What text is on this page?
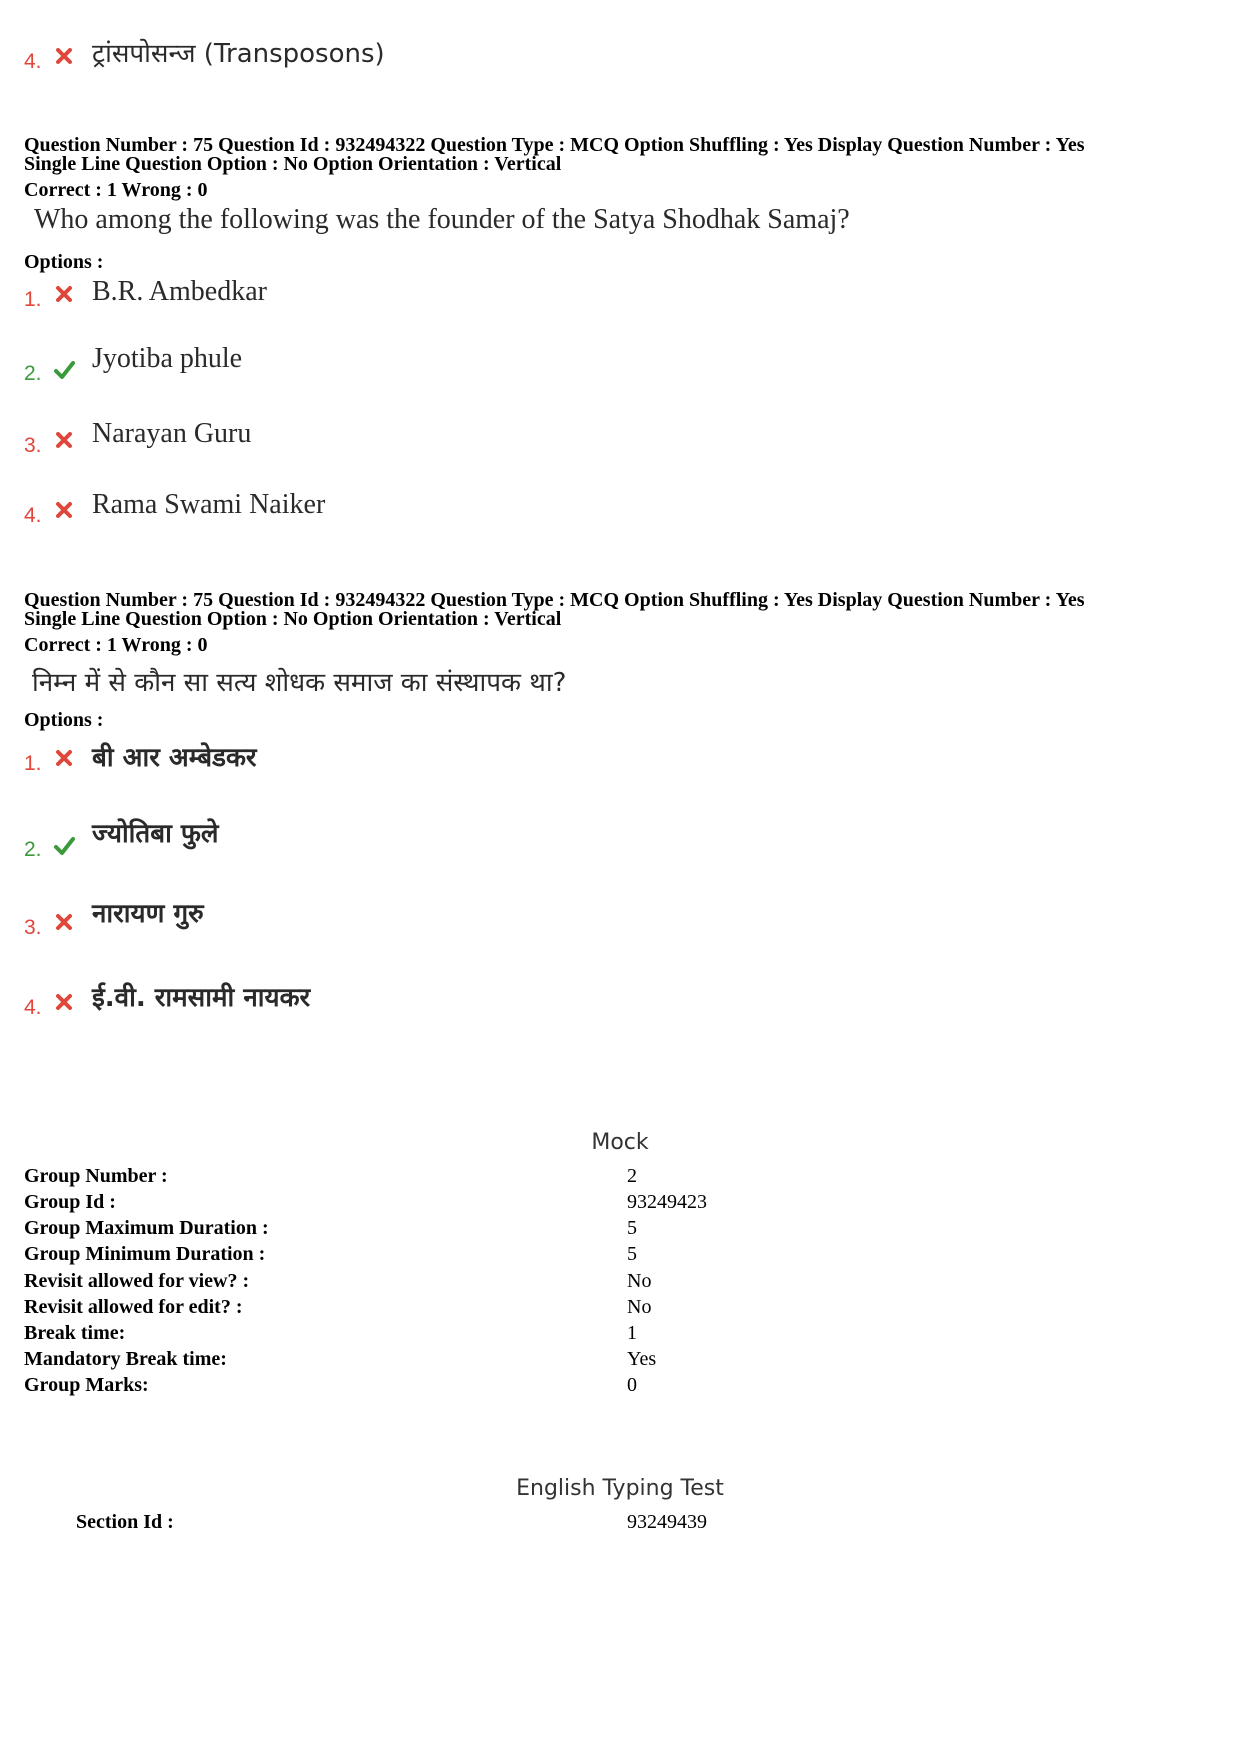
4. ट्रांसपोसन्ज (Transposons)
Question Number : 75 Question Id : 932494322 Question Type : MCQ Option Shuffling : Yes Display Question Number : Yes
Single Line Question Option : No Option Orientation : Vertical
Correct : 1 Wrong : 0
Who among the following was the founder of the Satya Shodhak Samaj?
Options :
1. B.R. Ambedkar
2. Jyotiba phule
3. Narayan Guru
4. Rama Swami Naiker
Question Number : 75 Question Id : 932494322 Question Type : MCQ Option Shuffling : Yes Display Question Number : Yes
Single Line Question Option : No Option Orientation : Vertical
Correct : 1 Wrong : 0
निम्न में से कौन सा सत्य शोधक समाज का संस्थापक था?
Options :
1. बी आर अम्बेडकर
2.
ज्योतिबा फुले
3. नारायण गुरु
4. ई.वी. रामसामी नायकर
Mock
Group Number :	2
Group Id :	93249423
Group Maximum Duration :	5
Group Minimum Duration :	5
Revisit allowed for view? :	No
Revisit allowed for edit? :	No
Break time:	1
Mandatory Break time:	Yes
Group Marks:	0
English Typing Test
Section Id :	93249439
